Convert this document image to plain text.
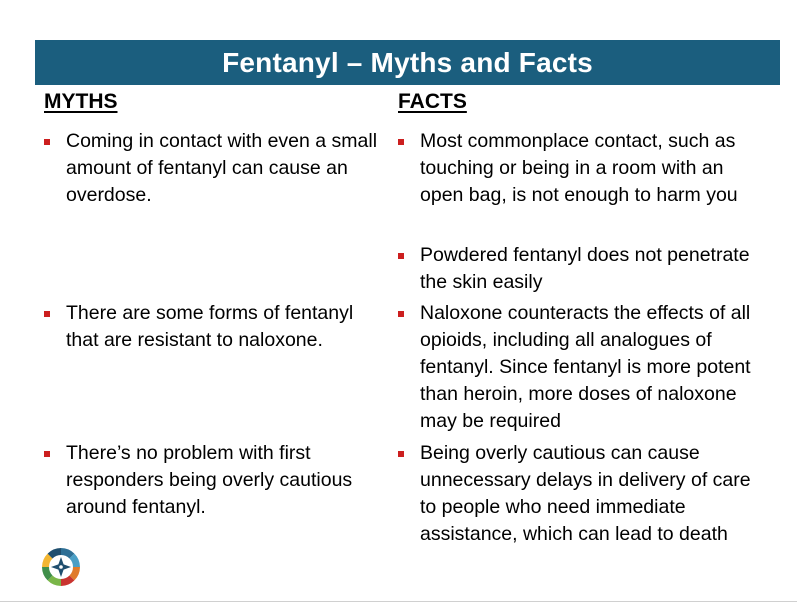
Fentanyl – Myths and Facts
MYTHS	FACTS
Coming in contact with even a small amount of fentanyl can cause an overdose.
There are some forms of fentanyl that are resistant to naloxone.
There’s no problem with first responders being overly cautious around fentanyl.
Most commonplace contact, such as touching or being in a room with an open bag, is not enough to harm you
Powdered fentanyl does not penetrate the skin easily
Naloxone counteracts the effects of all opioids, including all analogues of fentanyl. Since fentanyl is more potent than heroin, more doses of naloxone may be required
Being overly cautious can cause unnecessary delays in delivery of care to people who need immediate assistance, which can lead to death
